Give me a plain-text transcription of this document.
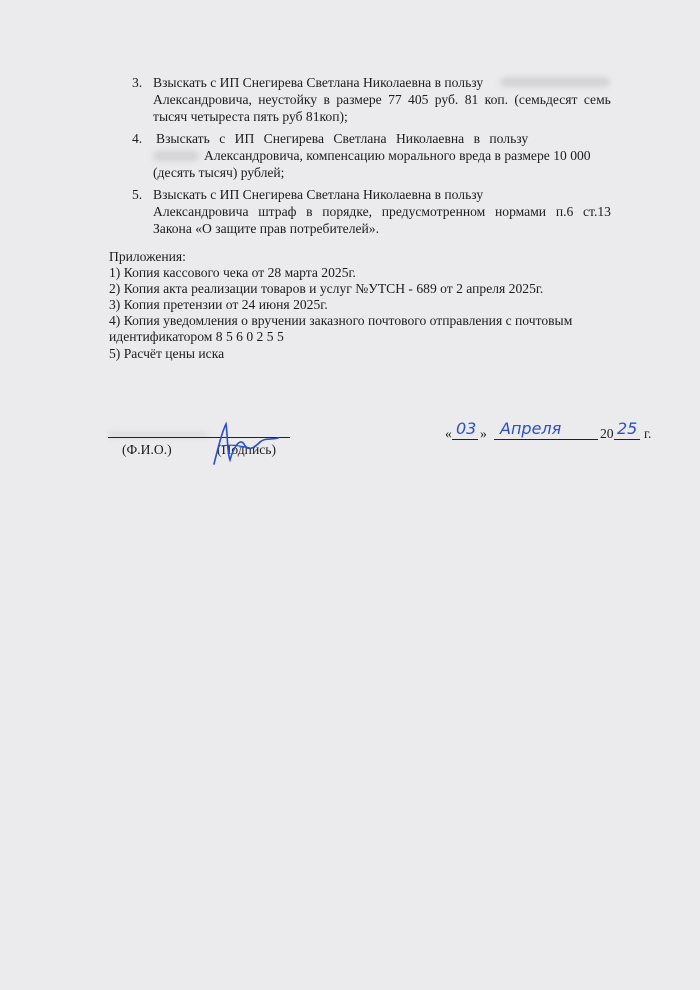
3. Взыскать с ИП Снегирева Светлана Николаевна в пользу
Александровича, неустойку в размере 77 405 руб. 81 коп. (семьдесят семь
тысяч четыреста пять руб 81коп);
4. Взыскать с ИП Снегирева Светлана Николаевна в пользу
Александровича, компенсацию морального вреда в размере 10 000
(десять тысяч) рублей;
5. Взыскать с ИП Снегирева Светлана Николаевна в пользу
Александровича штраф в порядке, предусмотренном нормами п.6 ст.13
Закона «О защите прав потребителей».
Приложения:
1) Копия кассового чека от 28 марта 2025г.
2) Копия акта реализации товаров и услуг №УТСН - 689 от 2 апреля 2025г.
3) Копия претензии от 24 июня 2025г.
4) Копия уведомления о вручении заказного почтового отправления с почтовым
идентификатором 8 5 6 0 2 5 5
5) Расчёт цены иска
(Ф.И.О.)	(Подпись)
« 03 » Апреля	20 25 г.
